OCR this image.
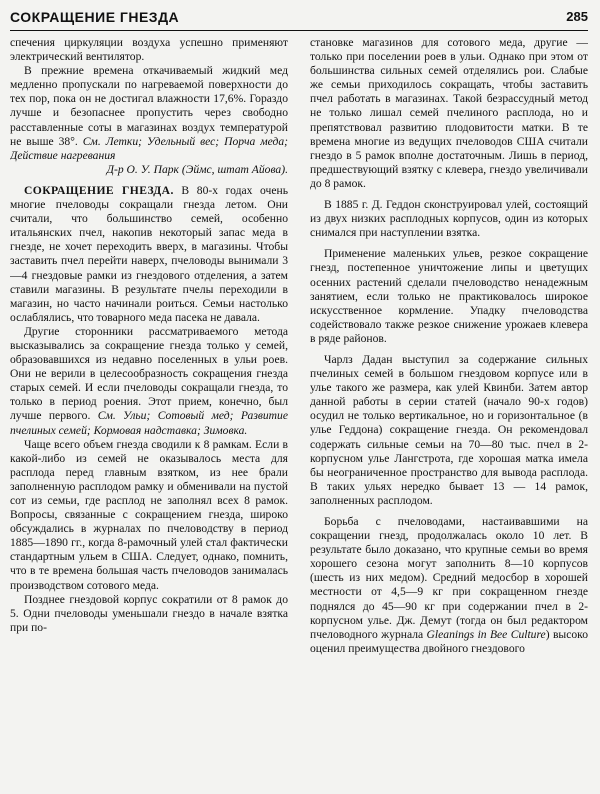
СОКРАЩЕНИЕ ГНЕЗДА	285

спечения циркуляции воздуха успешно применяют электрический вентилятор.

В прежние времена откачиваемый жидкий мед медленно пропускали по нагреваемой поверхности до тех пор, пока он не достигал влажности 17,6%. Гораздо лучше и безопаснее пропустить через свободно расставленные соты в магазинах воздух температурой не выше 38°. См. Летки; Удельный вес; Порча меда; Действие нагревания

Д-р О. У. Парк (Эймс, штат Айова).

СОКРАЩЕНИЕ ГНЕЗДА. В 80-х годах очень многие пчеловоды сокращали гнезда летом. Они считали, что большинство семей, особенно итальянских пчел, накопив некоторый запас меда в гнезде, не хочет переходить вверх, в магазины. Чтобы заставить пчел перейти наверх, пчеловоды вынимали 3—4 гнездовые рамки из гнездового отделения, а затем ставили магазины. В результате пчелы переходили в магазин, но часто начинали роиться. Семьи настолько ослаблялись, что товарного меда пасека не давала.

Другие сторонники рассматриваемого метода высказывались за сокращение гнезда только у семей, образовавшихся из недавно поселенных в ульи роев. Они не верили в целесообразность сокращения гнезда старых семей. И если пчеловоды сокращали гнезда, то только в период роения. Этот прием, конечно, был лучше первого. См. Ульи; Сотовый мед; Развитие пчелиных семей; Кормовая надставка; Зимовка.

Чаще всего объем гнезда сводили к 8 рамкам. Если в какой-либо из семей не оказывалось места для расплода перед главным взятком, из нее брали заполненную расплодом рамку и обменивали на пустой сот из семьи, где расплод не заполнял всех 8 рамок. Вопросы, связанные с сокращением гнезда, широко обсуждались в журналах по пчеловодству в период 1885—1890 гг., когда 8-рамочный улей стал фактически стандартным ульем в США. Следует, однако, помнить, что в те времена большая часть пчеловодов занималась производством сотового меда.

Позднее гнездовой корпус сократили от 8 рамок до 5. Одни пчеловоды уменьшали гнездо в начале взятка при по-

становке магазинов для сотового меда, другие — только при поселении роев в ульи. Однако при этом от большинства сильных семей отделялись рои. Слабые же семьи приходилось сокращать, чтобы заставить пчел работать в магазинах. Такой безрассудный метод не только лишал семей пчелиного расплода, но и препятствовал развитию плодовитости матки. В те времена многие из ведущих пчеловодов США считали гнездо в 5 рамок вполне достаточным. Лишь в период, предшествующий взятку с клевера, гнездо увеличивали до 8 рамок.

В 1885 г. Д. Геддон сконструировал улей, состоящий из двух низких расплодных корпусов, один из которых снимался при наступлении взятка.

Применение маленьких ульев, резкое сокращение гнезд, постепенное уничтожение липы и цветущих осенних растений сделали пчеловодство ненадежным занятием, если только не практиковалось широкое искусственное кормление. Упадку пчеловодства содействовало также резкое снижение урожаев клевера в ряде районов.

Чарлз Дадан выступил за содержание сильных пчелиных семей в большом гнездовом корпусе или в улье такого же размера, как улей Квинби. Затем автор данной работы в серии статей (начало 90-х годов) осудил не только вертикальное, но и горизонтальное (в улье Геддона) сокращение гнезда. Он рекомендовал содержать сильные семьи на 70—80 тыс. пчел в 2-корпусном улье Лангстрота, где хорошая матка имела бы неограниченное пространство для вывода расплода. В таких ульях нередко бывает 13 — 14 рамок, заполненных расплодом.

Борьба с пчеловодами, настаивавшими на сокращении гнезд, продолжалась около 10 лет. В результате было доказано, что крупные семьи во время хорошего сезона могут заполнить 8—10 корпусов (шесть из них медом). Средний медосбор в хорошей местности от 4,5—9 кг при сокращенном гнезде поднялся до 45—90 кг при содержании пчел в 2-корпусном улье. Дж. Демут (тогда он был редактором пчеловодного журнала Gleanings in Bee Culture) высоко оценил преимущества двойного гнездового
